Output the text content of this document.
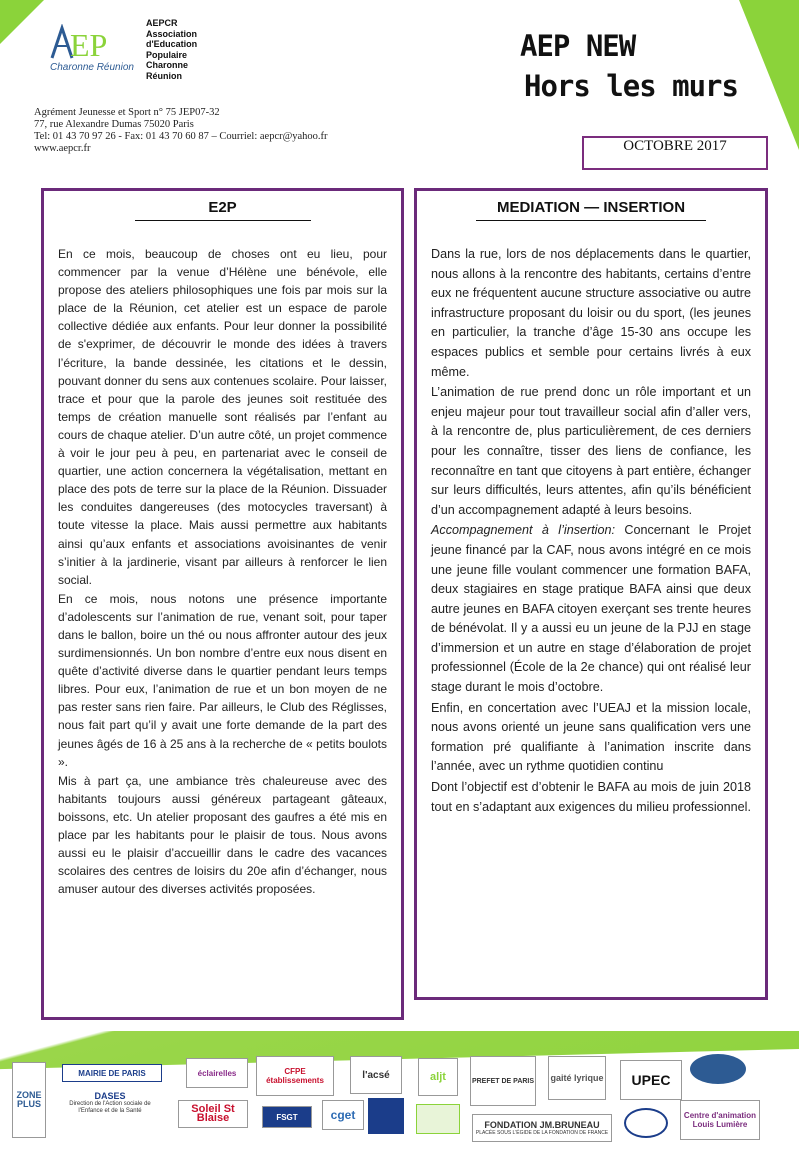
EP
Charonne Réunion
AEPCR
Association
d'Education
Populaire
Charonne
Réunion
Agrément Jeunesse et Sport n° 75 JEP07-32
77, rue Alexandre Dumas 75020 Paris
Tel: 01 43 70 97 26 - Fax: 01 43 70 60 87 – Courriel: aepcr@yahoo.fr
www.aepcr.fr
AEP NEW
Hors les murs
OCTOBRE 2017
E2P

En ce mois, beaucoup de choses ont eu lieu, pour commencer par la venue d’Hélène une bénévole, elle propose des ateliers philosophiques une fois par mois sur la place de la Réunion, cet atelier est un espace de parole collective dédiée aux enfants. Pour leur donner la possibilité de s'exprimer, de découvrir le monde des idées à travers l’écriture, la bande dessinée, les citations et le dessin, pouvant donner du sens aux contenues scolaire. Pour laisser, trace et pour que la parole des jeunes soit restituée des temps de création manuelle sont réalisés par l’enfant au cours de chaque atelier. D’un autre côté, un projet commence à voir le jour peu à peu, en partenariat avec le conseil de quartier, une action concernera la végétalisation, mettant en place des pots de terre sur la place de la Réunion. Dissuader les conduites dangereuses (des motocycles traversant) à toute vitesse la place. Mais aussi permettre aux habitants ainsi qu’aux enfants et associations avoisinantes de venir s’initier à la jardinerie, visant par ailleurs à renforcer le lien social.

En ce mois, nous notons une présence importante d’adolescents sur l’animation de rue, venant soit, pour taper dans le ballon, boire un thé ou nous affronter autour des jeux surdimensionnés. Un bon nombre d’entre eux nous disent en quête d’activité diverse dans le quartier pendant leurs temps libres. Pour eux, l’animation de rue et un bon moyen de ne pas rester sans rien faire. Par ailleurs, le Club des Réglisses, nous fait part qu’il y avait une forte demande de la part des jeunes âgés de 16 à 25 ans à la recherche de « petits boulots ».

Mis à part ça, une ambiance très chaleureuse avec des habitants toujours aussi généreux partageant gâteaux, boissons, etc. Un atelier proposant des gaufres a été mis en place par les habitants pour le plaisir de tous. Nous avons aussi eu le plaisir d’accueillir dans le cadre des vacances scolaires des centres de loisirs du 20e afin d’échanger, nous amuser autour des diverses activités proposées.

MEDIATION — INSERTION

Dans la rue, lors de nos déplacements dans le quartier, nous allons à la rencontre des habitants, certains d’entre eux ne fréquentent aucune structure associative ou autre infrastructure proposant du loisir ou du sport, (les jeunes en particulier, la tranche d’âge 15-30 ans occupe les espaces publics et semble pour certains livrés à eux même.

L’animation de rue prend donc un rôle important et un enjeu majeur pour tout travailleur social afin d’aller vers, à la rencontre de, plus particulièrement, de ces derniers pour les connaître, tisser des liens de confiance, les reconnaître en tant que citoyens à part entière, échanger sur leurs difficultés, leurs attentes, afin qu’ils bénéficient d’un accompagnement adapté à leurs besoins.

Accompagnement à l’insertion: Concernant le Projet jeune financé par la CAF, nous avons intégré en ce mois une jeune fille voulant commencer une formation BAFA, deux stagiaires en stage pratique BAFA ainsi que deux autre jeunes en BAFA citoyen exerçant ses trente heures de bénévolat. Il y a aussi eu un jeune de la PJJ en stage d’immersion et un autre en stage d’élaboration de projet professionnel (École de la 2e chance) qui ont réalisé leur stage durant le mois d’octobre.

Enfin, en concertation avec l’UEAJ et la mission locale, nous avons orienté un jeune sans qualification vers une formation pré qualifiante à l’animation inscrite dans l’année, avec un rythme quotidien continu

Dont l’objectif est d’obtenir le BAFA au mois de juin 2018 tout en s’adaptant aux exigences du milieu professionnel.

ZONE PLUS
MAIRIE DE PARIS
DASES
Direction de l'Action sociale de l'Enfance et de la Santé	Soleil St Blaise
éclairelles
FSGT
CFPE établissements
cget
l'acsé	aljt	PREFET DE PARIS
FONDATION JM.BRUNEAU
PLACÉE SOUS L'ÉGIDE DE LA FONDATION DE FRANCE
gaité lyrique	UPEC
Centre d'animation Louis Lumière
